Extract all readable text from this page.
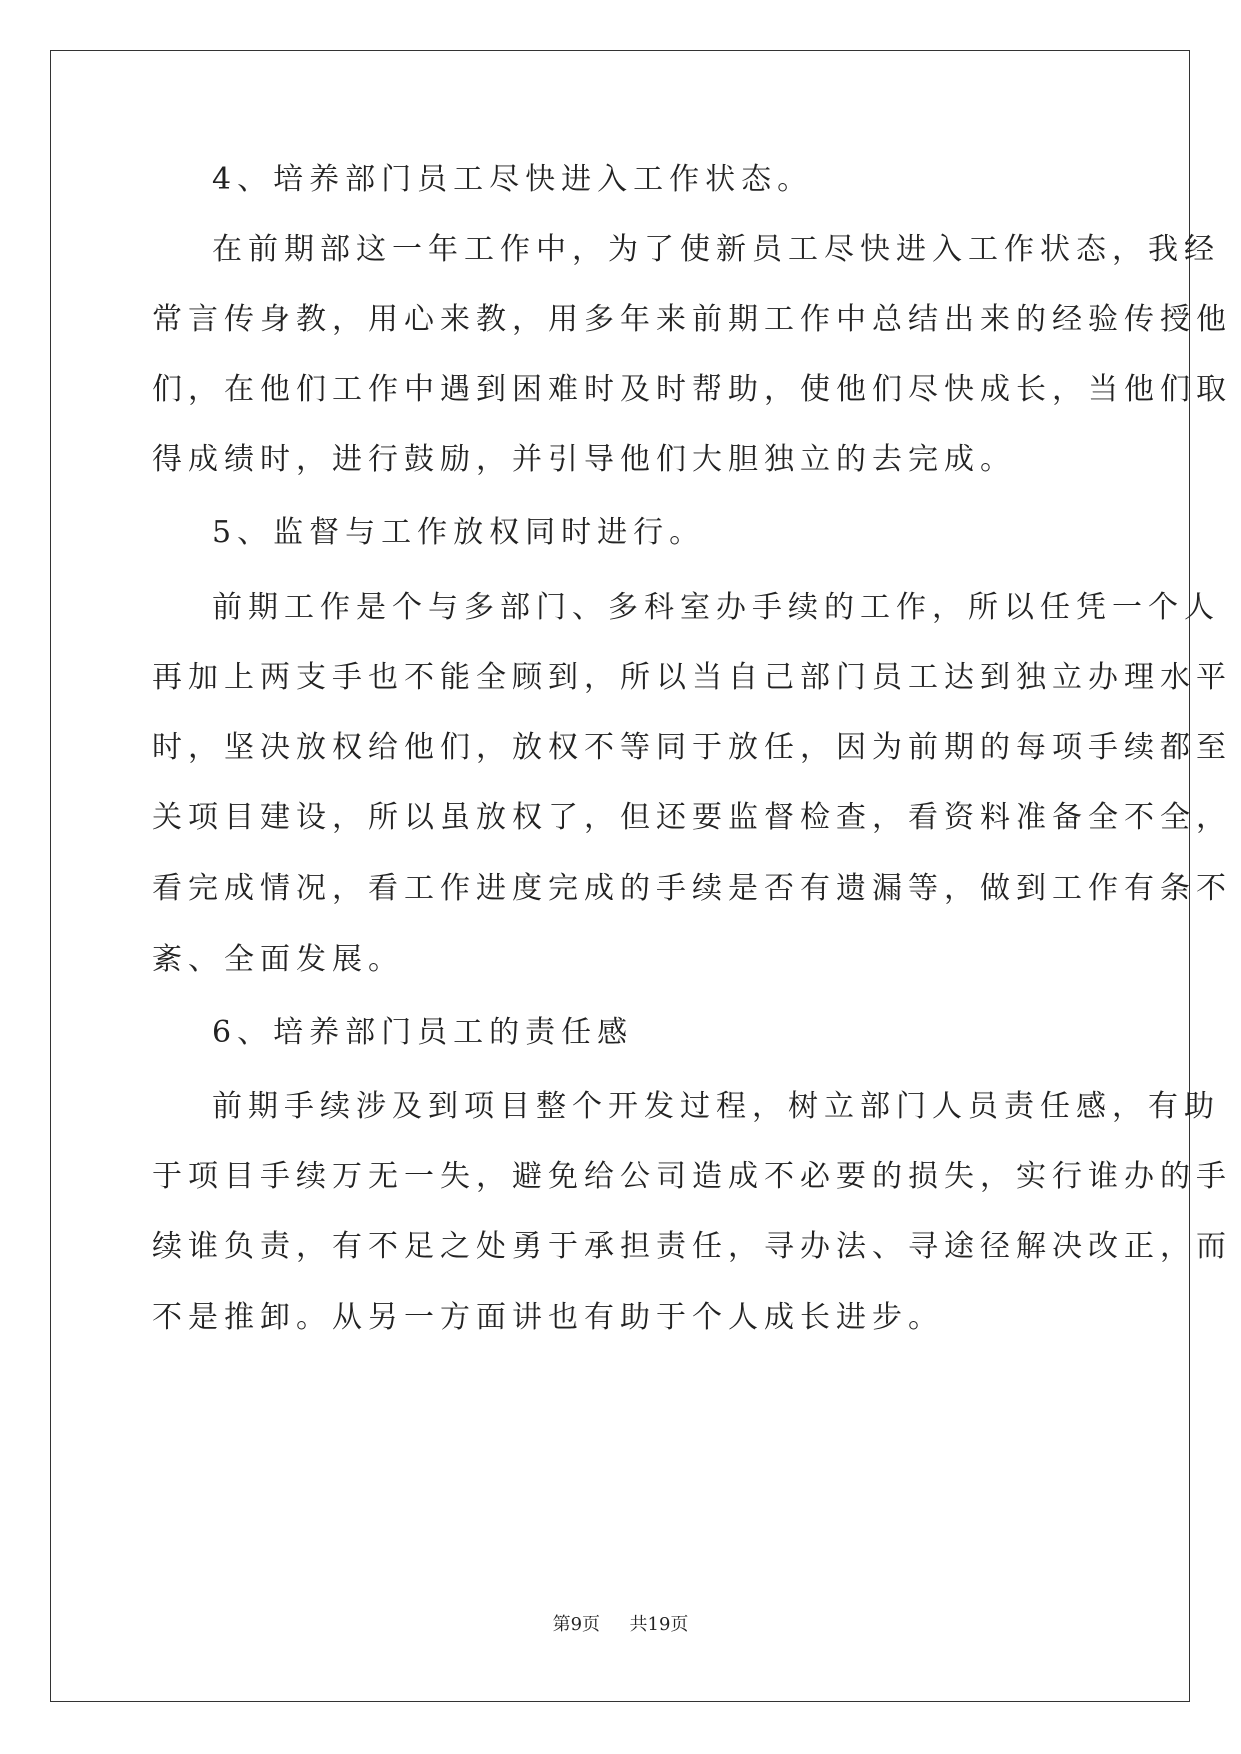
4、培养部门员工尽快进入工作状态。
在前期部这一年工作中，为了使新员工尽快进入工作状态，我经
常言传身教，用心来教，用多年来前期工作中总结出来的经验传授他
们，在他们工作中遇到困难时及时帮助，使他们尽快成长，当他们取
得成绩时，进行鼓励，并引导他们大胆独立的去完成。
5、监督与工作放权同时进行。
前期工作是个与多部门、多科室办手续的工作，所以任凭一个人
再加上两支手也不能全顾到，所以当自己部门员工达到独立办理水平
时，坚决放权给他们，放权不等同于放任，因为前期的每项手续都至
关项目建设，所以虽放权了，但还要监督检查，看资料准备全不全，
看完成情况，看工作进度完成的手续是否有遗漏等，做到工作有条不
紊、全面发展。
6、培养部门员工的责任感
前期手续涉及到项目整个开发过程，树立部门人员责任感，有助
于项目手续万无一失，避免给公司造成不必要的损失，实行谁办的手
续谁负责，有不足之处勇于承担责任，寻办法、寻途径解决改正，而
不是推卸。从另一方面讲也有助于个人成长进步。
第9页 共19页
